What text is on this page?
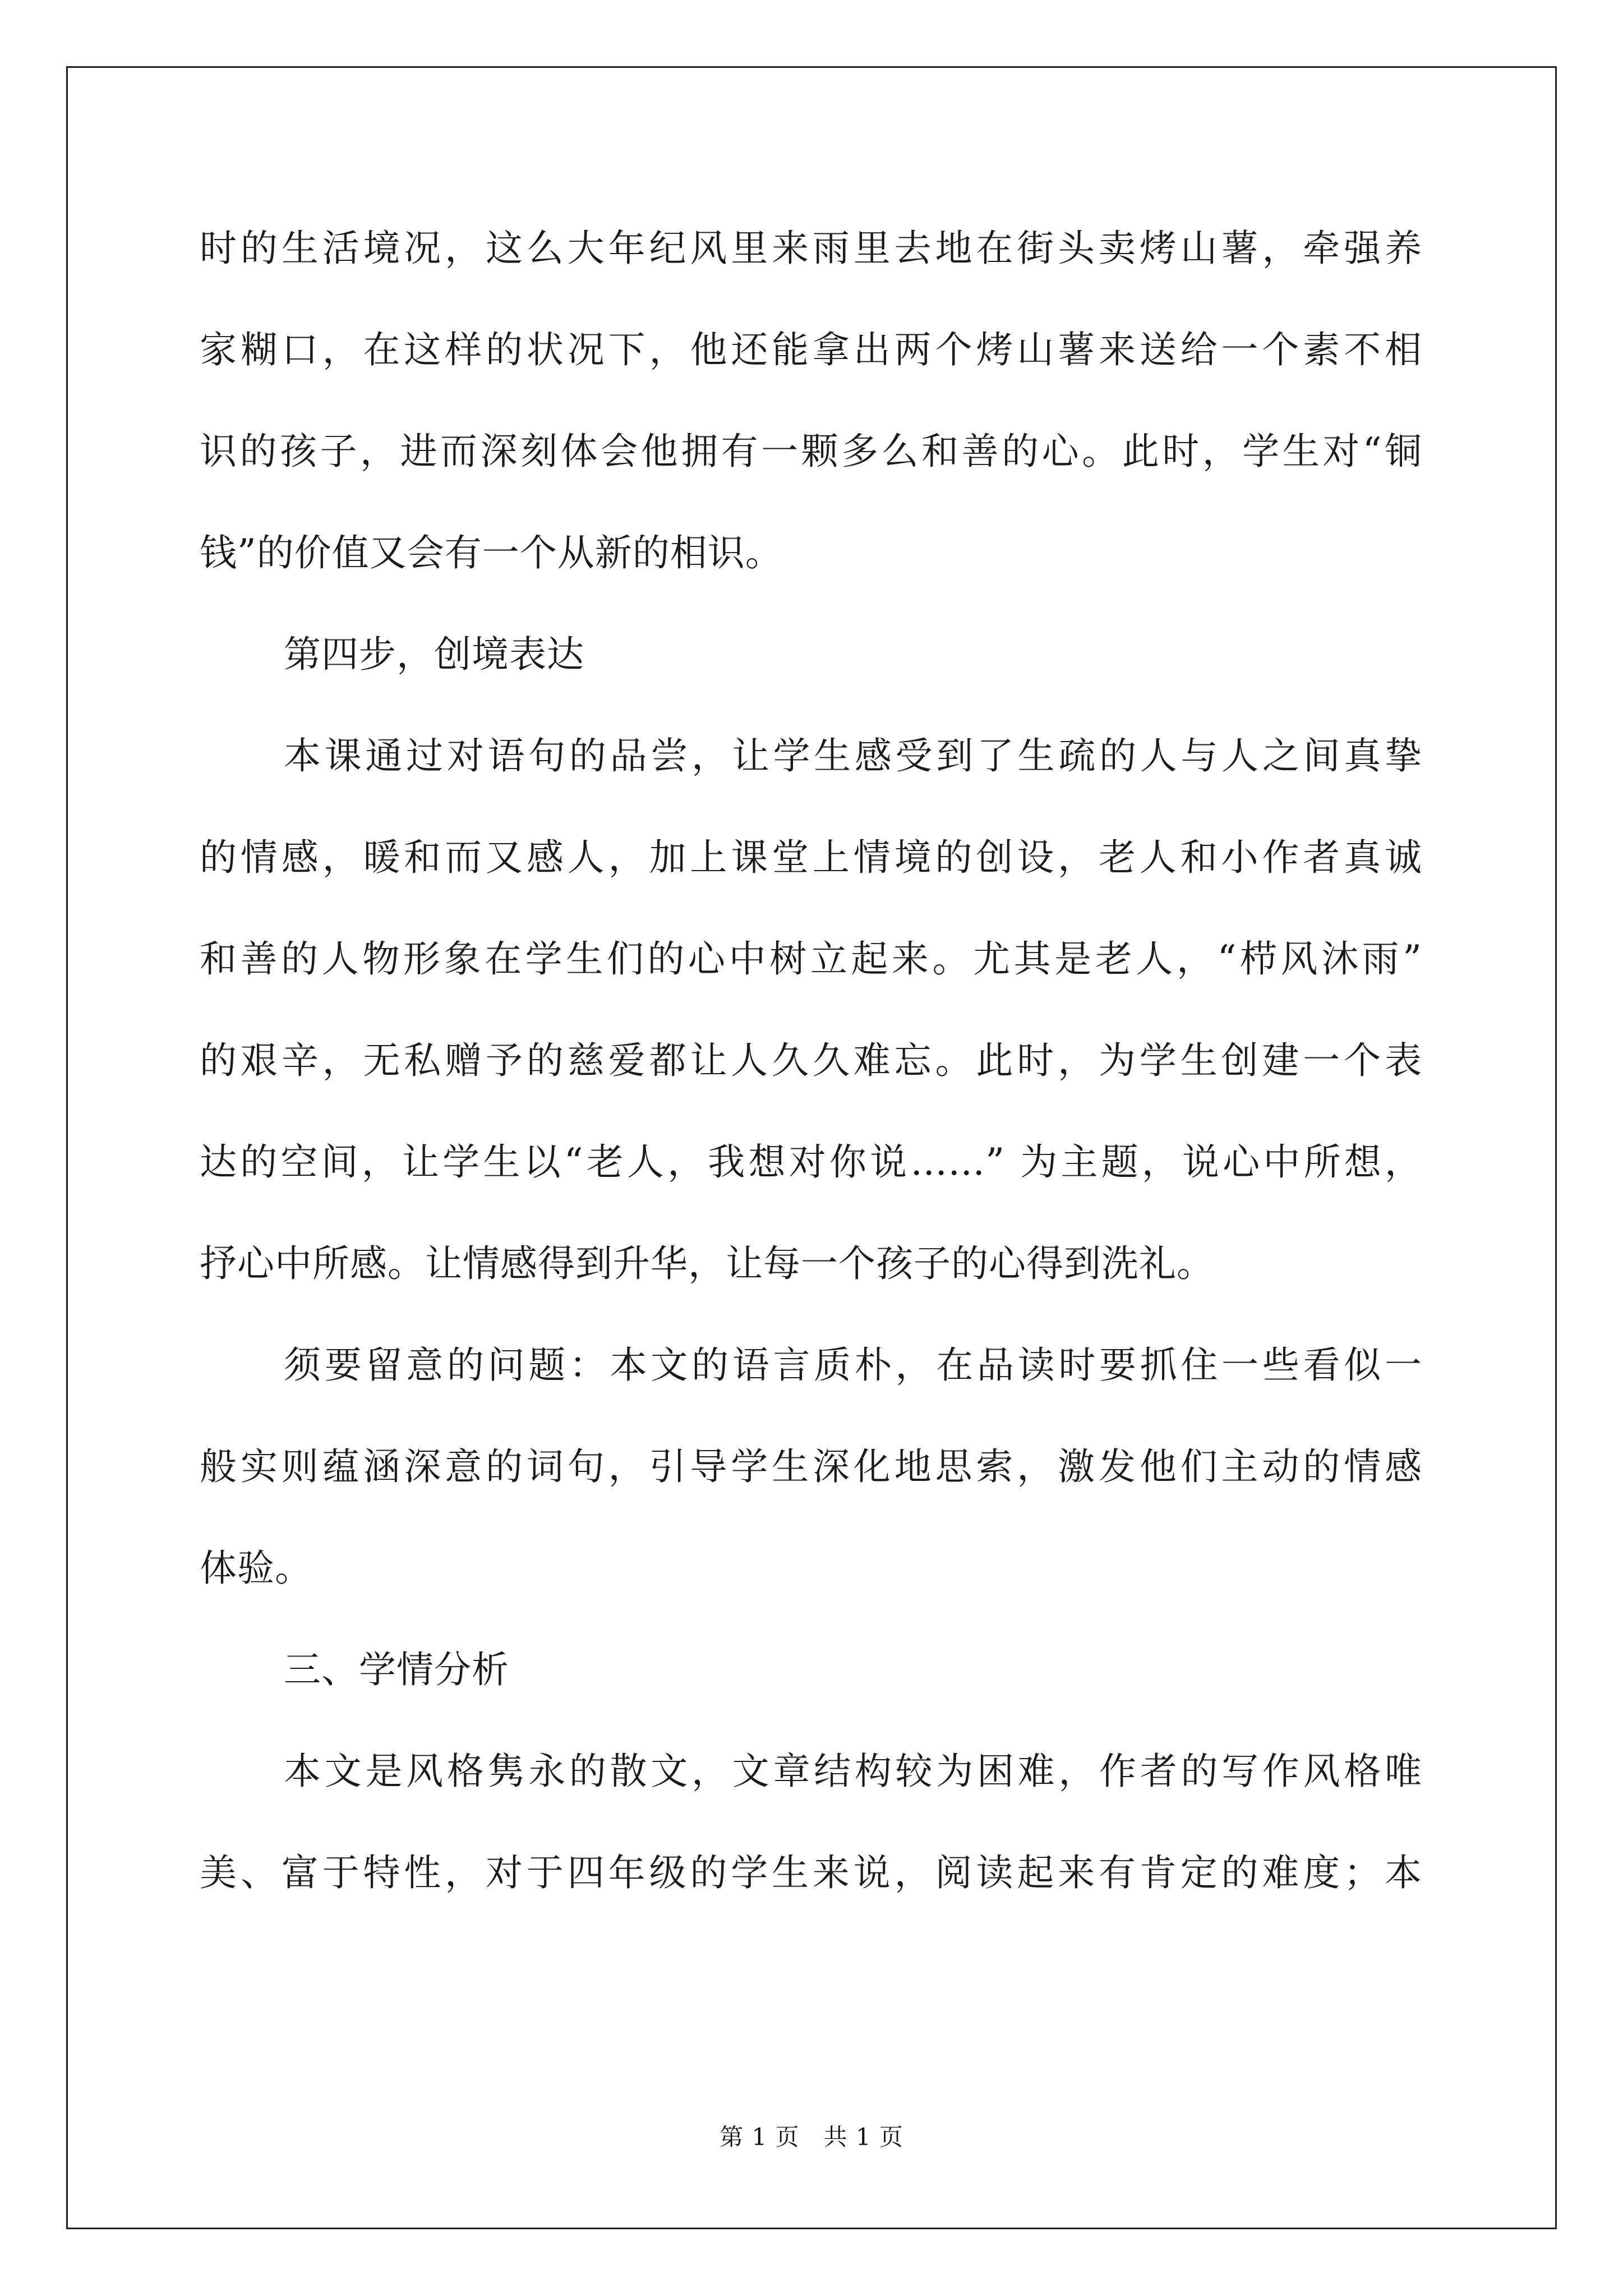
时的生活境况，这么大年纪风里来雨里去地在街头卖烤山薯，牵强养
家糊口，在这样的状况下，他还能拿出两个烤山薯来送给一个素不相
识的孩子，进而深刻体会他拥有一颗多么和善的心。此时，学生对“铜
钱”的价值又会有一个从新的相识。
第四步，创境表达
本课通过对语句的品尝，让学生感受到了生疏的人与人之间真挚
的情感，暖和而又感人，加上课堂上情境的创设，老人和小作者真诚
和善的人物形象在学生们的心中树立起来。尤其是老人，“栉风沐雨”
的艰辛，无私赠予的慈爱都让人久久难忘。此时，为学生创建一个表
达的空间，让学生以“老人，我想对你说……” 为主题，说心中所想，
抒心中所感。让情感得到升华，让每一个孩子的心得到洗礼。
须要留意的问题：本文的语言质朴，在品读时要抓住一些看似一
般实则蕴涵深意的词句，引导学生深化地思索，激发他们主动的情感
体验。
三、学情分析
本文是风格隽永的散文，文章结构较为困难，作者的写作风格唯
美、富于特性，对于四年级的学生来说，阅读起来有肯定的难度；本
第 1 页　共 1 页
